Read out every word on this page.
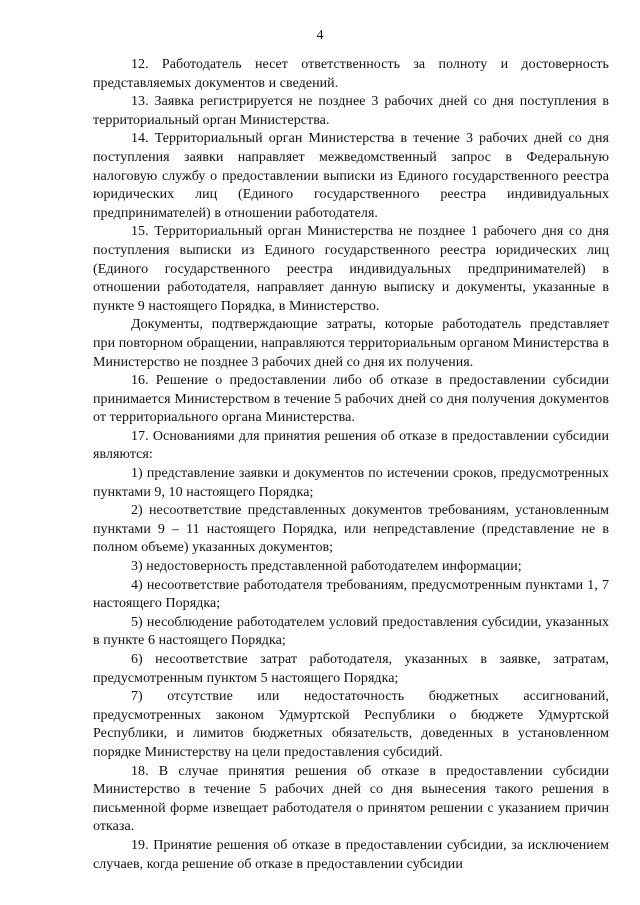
4

12. Работодатель несет ответственность за полноту и достоверность представляемых документов и сведений.

13. Заявка регистрируется не позднее 3 рабочих дней со дня поступления в территориальный орган Министерства.

14. Территориальный орган Министерства в течение 3 рабочих дней со дня поступления заявки направляет межведомственный запрос в Федеральную налоговую службу о предоставлении выписки из Единого государственного реестра юридических лиц (Единого государственного реестра индивидуальных предпринимателей) в отношении работодателя.

15. Территориальный орган Министерства не позднее 1 рабочего дня со дня поступления выписки из Единого государственного реестра юридических лиц (Единого государственного реестра индивидуальных предпринимателей) в отношении работодателя, направляет данную выписку и документы, указанные в пункте 9 настоящего Порядка, в Министерство.

Документы, подтверждающие затраты, которые работодатель представляет при повторном обращении, направляются территориальным органом Министерства в Министерство не позднее 3 рабочих дней со дня их получения.

16. Решение о предоставлении либо об отказе в предоставлении субсидии принимается Министерством в течение 5 рабочих дней со дня получения документов от территориального органа Министерства.

17. Основаниями для принятия решения об отказе в предоставлении субсидии являются:

1) представление заявки и документов по истечении сроков, предусмотренных пунктами 9, 10 настоящего Порядка;

2) несоответствие представленных документов требованиям, установленным пунктами 9 – 11 настоящего Порядка, или непредставление (представление не в полном объеме) указанных документов;

3) недостоверность представленной работодателем информации;

4) несоответствие работодателя требованиям, предусмотренным пунктами 1, 7 настоящего Порядка;

5) несоблюдение работодателем условий предоставления субсидии, указанных в пункте 6 настоящего Порядка;

6) несоответствие затрат работодателя, указанных в заявке, затратам, предусмотренным пунктом 5 настоящего Порядка;

7) отсутствие или недостаточность бюджетных ассигнований, предусмотренных законом Удмуртской Республики о бюджете Удмуртской Республики, и лимитов бюджетных обязательств, доведенных в установленном порядке Министерству на цели предоставления субсидий.

18. В случае принятия решения об отказе в предоставлении субсидии Министерство в течение 5 рабочих дней со дня вынесения такого решения в письменной форме извещает работодателя о принятом решении с указанием причин отказа.

19. Принятие решения об отказе в предоставлении субсидии, за исключением случаев, когда решение об отказе в предоставлении субсидии
